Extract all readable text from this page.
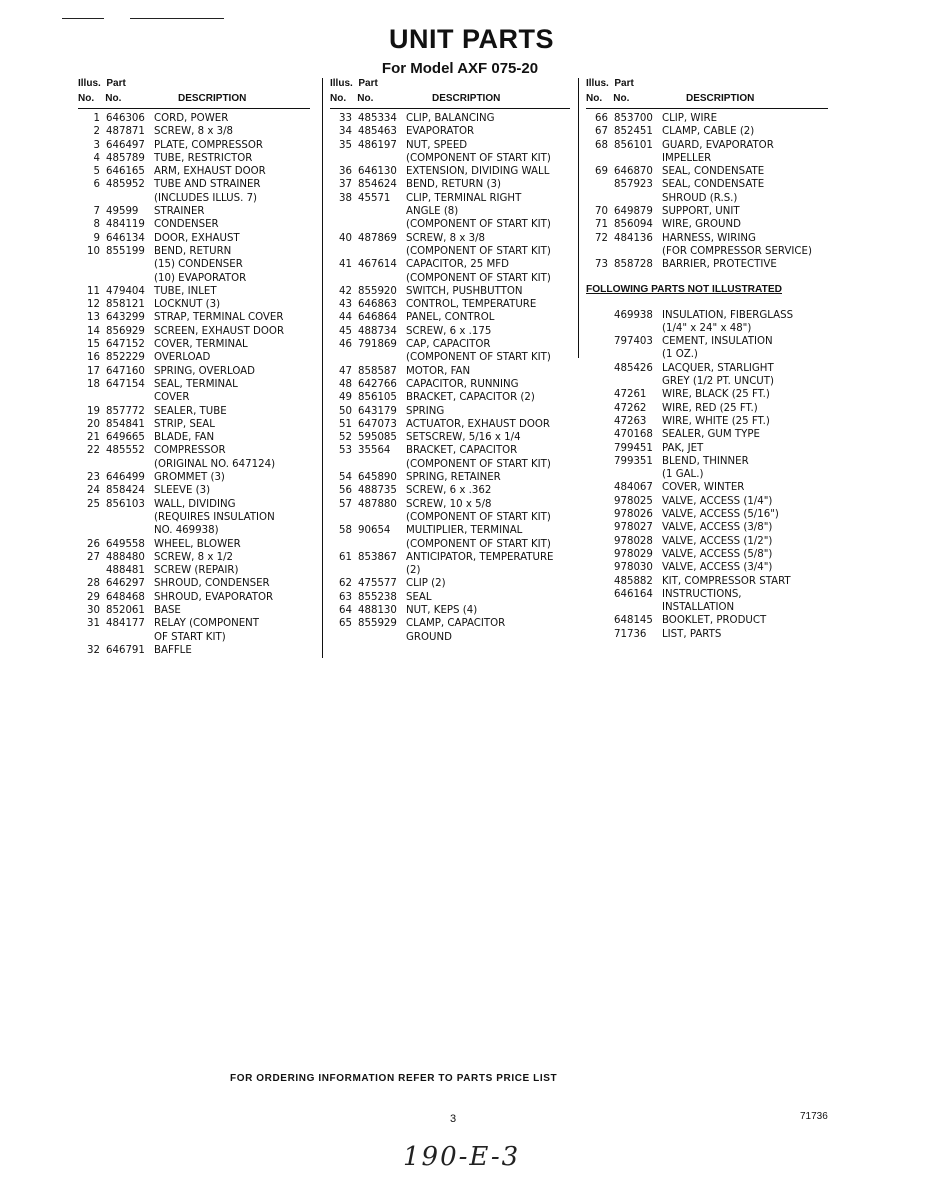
UNIT PARTS
For Model AXF 075-20
Illus. Part
No. No.	DESCRIPTION
1 646306 CORD, POWER
2 487871 SCREW, 8 x 3/8
3 646497 PLATE, COMPRESSOR
4 485789 TUBE, RESTRICTOR
5 646165 ARM, EXHAUST DOOR
6 485952 TUBE AND STRAINER
(INCLUDES ILLUS. 7)
7 49599	STRAINER
8 484119 CONDENSER
9 646134 DOOR, EXHAUST
10 855199 BEND, RETURN
(15) CONDENSER
(10) EVAPORATOR
11 479404 TUBE, INLET
12 858121 LOCKNUT (3)
13 643299 STRAP, TERMINAL COVER
14 856929 SCREEN, EXHAUST DOOR
15 647152 COVER, TERMINAL
16 852229 OVERLOAD
17 647160 SPRING, OVERLOAD
18 647154 SEAL, TERMINAL
COVER
19 857772 SEALER, TUBE
20 854841 STRIP, SEAL
21 649665 BLADE, FAN
22 485552 COMPRESSOR
(ORIGINAL NO. 647124)
23 646499 GROMMET (3)
24 858424 SLEEVE (3)
25 856103 WALL, DIVIDING
(REQUIRES INSULATION
NO. 469938)
26 649558 WHEEL, BLOWER
27 488480 SCREW, 8 x 1/2
488481 SCREW (REPAIR)
28 646297 SHROUD, CONDENSER
29 648468 SHROUD, EVAPORATOR
30 852061 BASE
31 484177 RELAY (COMPONENT
OF START KIT)
32 646791 BAFFLE
Illus. Part
No. No.	DESCRIPTION
33 485334 CLIP, BALANCING
34 485463 EVAPORATOR
35 486197 NUT, SPEED
(COMPONENT OF START KIT)
36 646130 EXTENSION, DIVIDING WALL
37 854624 BEND, RETURN (3)
38 45571	CLIP, TERMINAL RIGHT
ANGLE (8)
(COMPONENT OF START KIT)
40 487869 SCREW, 8 x 3/8
(COMPONENT OF START KIT)
41 467614 CAPACITOR, 25 MFD
(COMPONENT OF START KIT)
42 855920 SWITCH, PUSHBUTTON
43 646863 CONTROL, TEMPERATURE
44 646864 PANEL, CONTROL
45 488734 SCREW, 6 x .175
46 791869 CAP, CAPACITOR
(COMPONENT OF START KIT)
47 858587 MOTOR, FAN
48 642766 CAPACITOR, RUNNING
49 856105 BRACKET, CAPACITOR (2)
50 643179 SPRING
51 647073 ACTUATOR, EXHAUST DOOR
52 595085 SETSCREW, 5/16 x 1/4
53 35564	BRACKET, CAPACITOR
(COMPONENT OF START KIT)
54 645890 SPRING, RETAINER
56 488735 SCREW, 6 x .362
57 487880 SCREW, 10 x 5/8
(COMPONENT OF START KIT)
58 90654	MULTIPLIER, TERMINAL
(COMPONENT OF START KIT)
61 853867 ANTICIPATOR, TEMPERATURE
(2)
62 475577 CLIP (2)
63 855238 SEAL
64 488130 NUT, KEPS (4)
65 855929 CLAMP, CAPACITOR
GROUND
Illus. Part
No. No.	DESCRIPTION
66 853700 CLIP, WIRE
67 852451 CLAMP, CABLE (2)
68 856101 GUARD, EVAPORATOR
IMPELLER
69 646870 SEAL, CONDENSATE
857923 SEAL, CONDENSATE
SHROUD (R.S.)
70 649879 SUPPORT, UNIT
71 856094 WIRE, GROUND
72 484136 HARNESS, WIRING
(FOR COMPRESSOR SERVICE)
73 858728 BARRIER, PROTECTIVE
FOLLOWING PARTS NOT ILLUSTRATED
469938 INSULATION, FIBERGLASS
(1/4" x 24" x 48")
797403 CEMENT, INSULATION
(1 OZ.)
485426 LACQUER, STARLIGHT
GREY (1/2 PT. UNCUT)
47261	WIRE, BLACK (25 FT.)
47262	WIRE, RED (25 FT.)
47263	WIRE, WHITE (25 FT.)
470168 SEALER, GUM TYPE
799451 PAK, JET
799351 BLEND, THINNER
(1 GAL.)
484067 COVER, WINTER
978025 VALVE, ACCESS (1/4")
978026 VALVE, ACCESS (5/16")
978027 VALVE, ACCESS (3/8")
978028 VALVE, ACCESS (1/2")
978029 VALVE, ACCESS (5/8")
978030 VALVE, ACCESS (3/4")
485882 KIT, COMPRESSOR START
646164 INSTRUCTIONS,
INSTALLATION
648145 BOOKLET, PRODUCT
71736	LIST, PARTS
FOR ORDERING INFORMATION REFER TO PARTS PRICE LIST
3	71736
190-E-3
